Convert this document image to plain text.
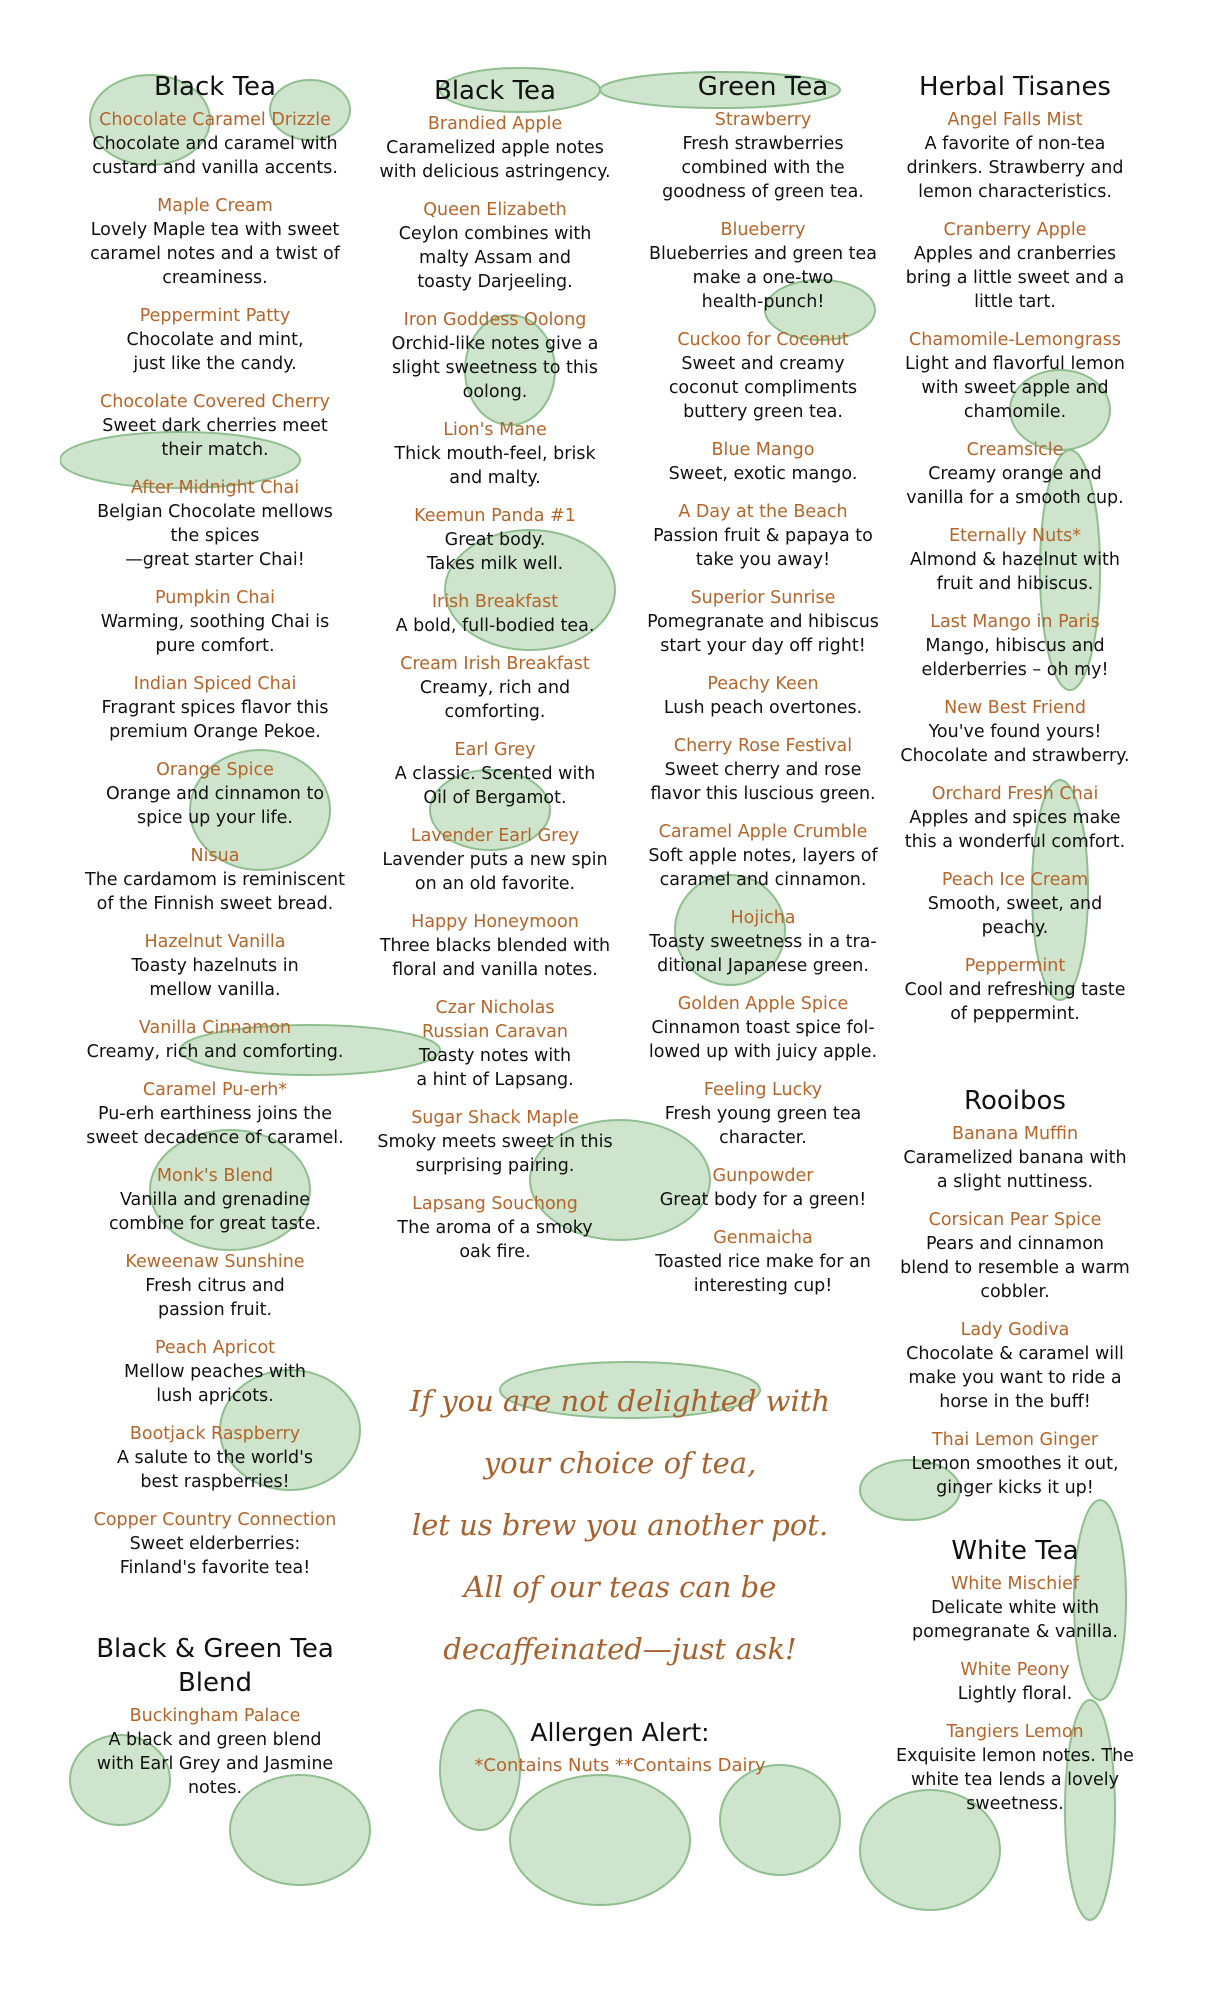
Black Tea
Chocolate Caramel Drizzle
Chocolate and caramel with
custard and vanilla accents.
Maple Cream
Lovely Maple tea with sweet
caramel notes and a twist of
creaminess.
Peppermint Patty
Chocolate and mint,
just like the candy.
Chocolate Covered Cherry
Sweet dark cherries meet
their match.
After Midnight Chai
Belgian Chocolate mellows
the spices
—great starter Chai!
Pumpkin Chai
Warming, soothing Chai is
pure comfort.
Indian Spiced Chai
Fragrant spices flavor this
premium Orange Pekoe.
Orange Spice
Orange and cinnamon to
spice up your life.
Nisua
The cardamom is reminiscent
of the Finnish sweet bread.
Hazelnut Vanilla
Toasty hazelnuts in
mellow vanilla.
Vanilla Cinnamon
Creamy, rich and comforting.
Caramel Pu-erh*
Pu-erh earthiness joins the
sweet decadence of caramel.
Monk's Blend
Vanilla and grenadine
combine for great taste.
Keweenaw Sunshine
Fresh citrus and
passion fruit.
Peach Apricot
Mellow peaches with
lush apricots.
Bootjack Raspberry
A salute to the world's
best raspberries!
Copper Country Connection
Sweet elderberries:
Finland's favorite tea!
Black & Green Tea
Blend
Buckingham Palace
A black and green blend
with Earl Grey and Jasmine
notes.
Black Tea
Brandied Apple
Caramelized apple notes
with delicious astringency.
Queen Elizabeth
Ceylon combines with
malty Assam and
toasty Darjeeling.
Iron Goddess Oolong
Orchid-like notes give a
slight sweetness to this
oolong.
Lion's Mane
Thick mouth-feel, brisk
and malty.
Keemun Panda #1
Great body.
Takes milk well.
Irish Breakfast
A bold, full-bodied tea.
Cream Irish Breakfast
Creamy, rich and
comforting.
Earl Grey
A classic. Scented with
Oil of Bergamot.
Lavender Earl Grey
Lavender puts a new spin
on an old favorite.
Happy Honeymoon
Three blacks blended with
floral and vanilla notes.
Czar Nicholas
Russian Caravan
Toasty notes with
a hint of Lapsang.
Sugar Shack Maple
Smoky meets sweet in this
surprising pairing.
Lapsang Souchong
The aroma of a smoky
oak fire.
Green Tea
Strawberry
Fresh strawberries
combined with the
goodness of green tea.
Blueberry
Blueberries and green tea
make a one-two
health-punch!
Cuckoo for Coconut
Sweet and creamy
coconut compliments
buttery green tea.
Blue Mango
Sweet, exotic mango.
A Day at the Beach
Passion fruit & papaya to
take you away!
Superior Sunrise
Pomegranate and hibiscus
start your day off right!
Peachy Keen
Lush peach overtones.
Cherry Rose Festival
Sweet cherry and rose
flavor this luscious green.
Caramel Apple Crumble
Soft apple notes, layers of
caramel and cinnamon.
Hojicha
Toasty sweetness in a tra-
ditional Japanese green.
Golden Apple Spice
Cinnamon toast spice fol-
lowed up with juicy apple.
Feeling Lucky
Fresh young green tea
character.
Gunpowder
Great body for a green!
Genmaicha
Toasted rice make for an
interesting cup!
Herbal Tisanes
Angel Falls Mist
A favorite of non-tea
drinkers. Strawberry and
lemon characteristics.
Cranberry Apple
Apples and cranberries
bring a little sweet and a
little tart.
Chamomile-Lemongrass
Light and flavorful lemon
with sweet apple and
chamomile.
Creamsicle
Creamy orange and
vanilla for a smooth cup.
Eternally Nuts*
Almond & hazelnut with
fruit and hibiscus.
Last Mango in Paris
Mango, hibiscus and
elderberries – oh my!
New Best Friend
You've found yours!
Chocolate and strawberry.
Orchard Fresh Chai
Apples and spices make
this a wonderful comfort.
Peach Ice Cream
Smooth, sweet, and
peachy.
Peppermint
Cool and refreshing taste
of peppermint.
Rooibos
Banana Muffin
Caramelized banana with
a slight nuttiness.
Corsican Pear Spice
Pears and cinnamon
blend to resemble a warm
cobbler.
Lady Godiva
Chocolate & caramel will
make you want to ride a
horse in the buff!
Thai Lemon Ginger
Lemon smoothes it out,
ginger kicks it up!
White Tea
White Mischief
Delicate white with
pomegranate & vanilla.
White Peony
Lightly floral.
Tangiers Lemon
Exquisite lemon notes. The
white tea lends a lovely
sweetness.
If you are not delighted with
your choice of tea,
let us brew you another pot.
All of our teas can be
decaffeinated—just ask!
Allergen Alert:
*Contains Nuts **Contains Dairy
